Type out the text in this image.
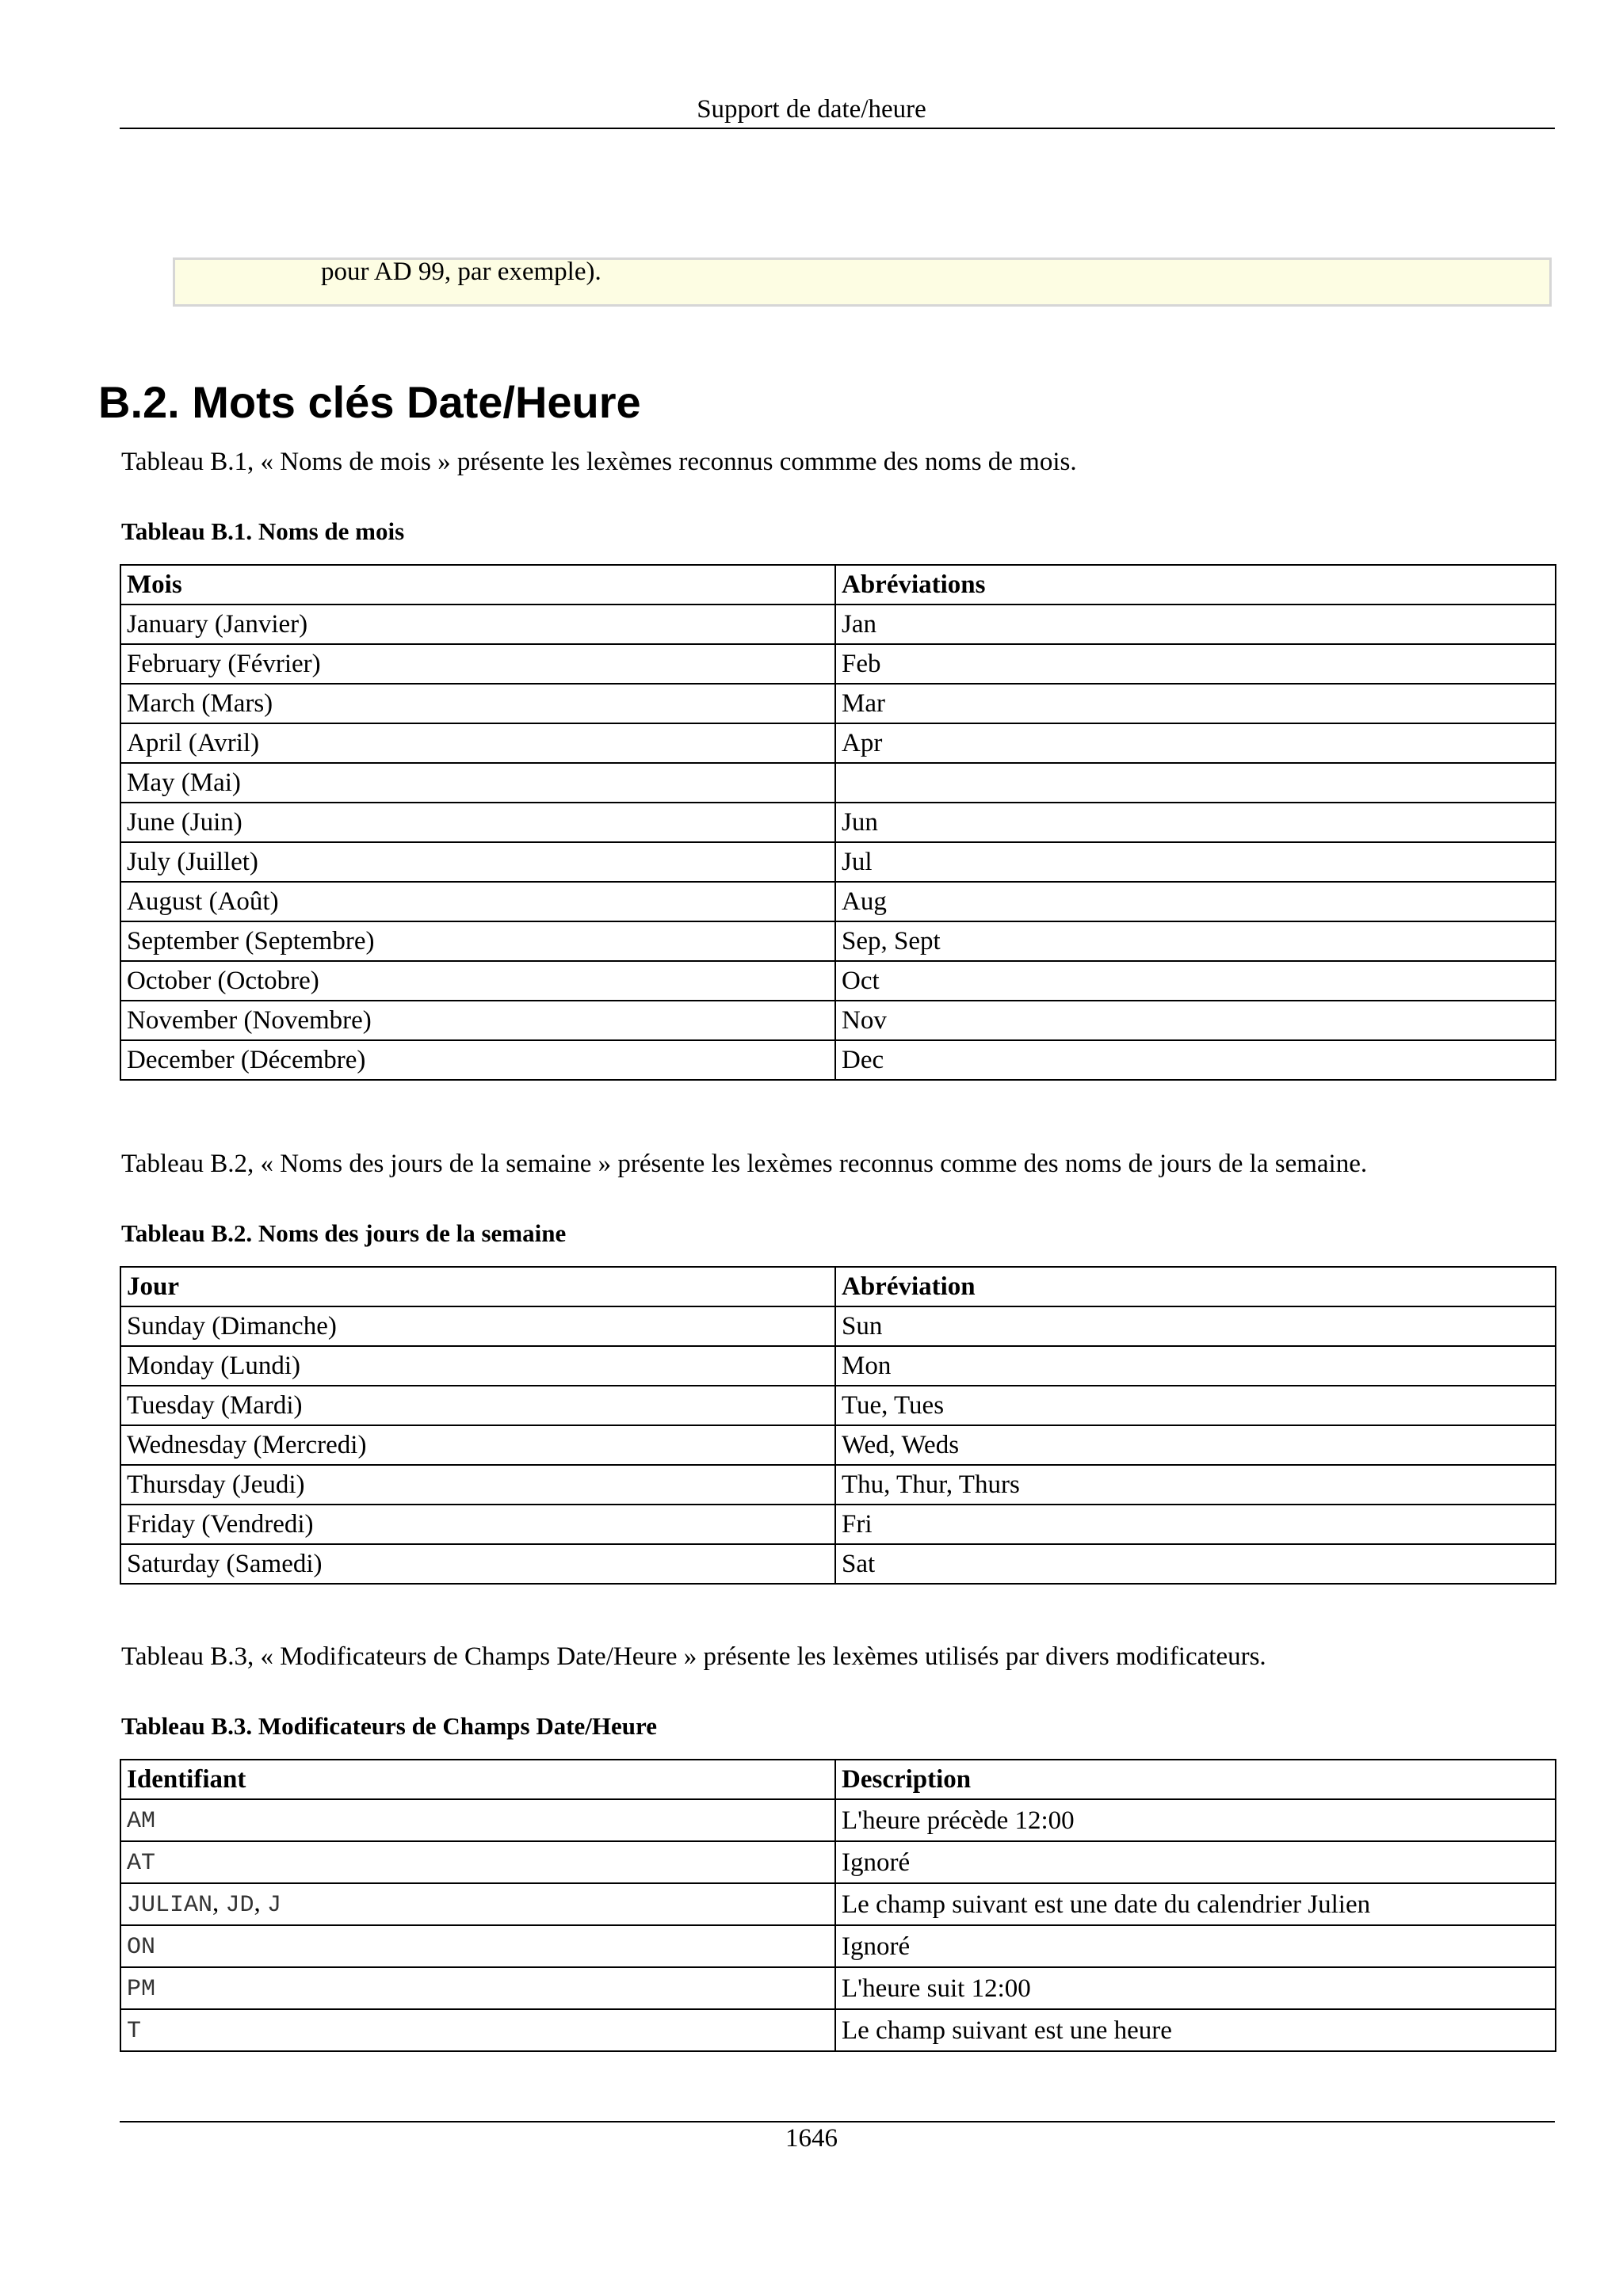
Support de date/heure
pour AD 99, par exemple).
B.2. Mots clés Date/Heure

Tableau B.1, « Noms de mois » présente les lexèmes reconnus commme des noms de mois.

Tableau B.1. Noms de mois

Mois	Abréviations
January (Janvier)	Jan
February (Février)	Feb
March (Mars)	Mar
April (Avril)	Apr
May (Mai)	
June (Juin)	Jun
July (Juillet)	Jul
August (Août)	Aug
September (Septembre)	Sep, Sept
October (Octobre)	Oct
November (Novembre)	Nov
December (Décembre)	Dec

Tableau B.2, « Noms des jours de la semaine » présente les lexèmes reconnus comme des noms de jours de la semaine.

Tableau B.2. Noms des jours de la semaine

Jour	Abréviation
Sunday (Dimanche)	Sun
Monday (Lundi)	Mon
Tuesday (Mardi)	Tue, Tues
Wednesday (Mercredi)	Wed, Weds
Thursday (Jeudi)	Thu, Thur, Thurs
Friday (Vendredi)	Fri
Saturday (Samedi)	Sat

Tableau B.3, « Modificateurs de Champs Date/Heure » présente les lexèmes utilisés par divers modificateurs.

Tableau B.3. Modificateurs de Champs Date/Heure

Identifiant	Description
AM	L'heure précède 12:00
AT	Ignoré
JULIAN, JD, J	Le champ suivant est une date du calendrier Julien
ON	Ignoré
PM	L'heure suit 12:00
T	Le champ suivant est une heure
1646
